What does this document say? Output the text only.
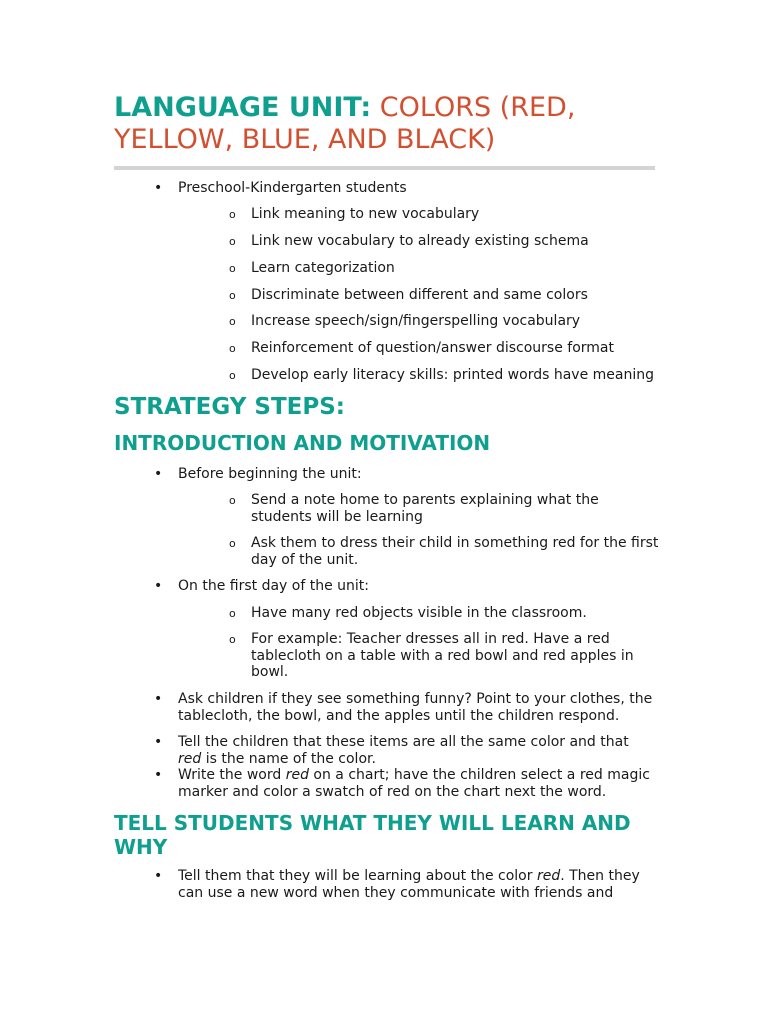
LANGUAGE UNIT: COLORS (RED, YELLOW, BLUE, AND BLACK)
• Preschool-Kindergarten students
o Link meaning to new vocabulary
o Link new vocabulary to already existing schema
o Learn categorization
o Discriminate between different and same colors
o Increase speech/sign/fingerspelling vocabulary
o Reinforcement of question/answer discourse format
o Develop early literacy skills: printed words have meaning
STRATEGY STEPS:
INTRODUCTION AND MOTIVATION
• Before beginning the unit:
o Send a note home to parents explaining what the students will be learning
o Ask them to dress their child in something red for the first day of the unit.
• On the first day of the unit:
o Have many red objects visible in the classroom.
o For example: Teacher dresses all in red. Have a red tablecloth on a table with a red bowl and red apples in bowl.
• Ask children if they see something funny? Point to your clothes, the tablecloth, the bowl, and the apples until the children respond.
• Tell the children that these items are all the same color and that red is the name of the color.
• Write the word red on a chart; have the children select a red magic marker and color a swatch of red on the chart next the word.
TELL STUDENTS WHAT THEY WILL LEARN AND WHY
• Tell them that they will be learning about the color red. Then they can use a new word when they communicate with friends and
